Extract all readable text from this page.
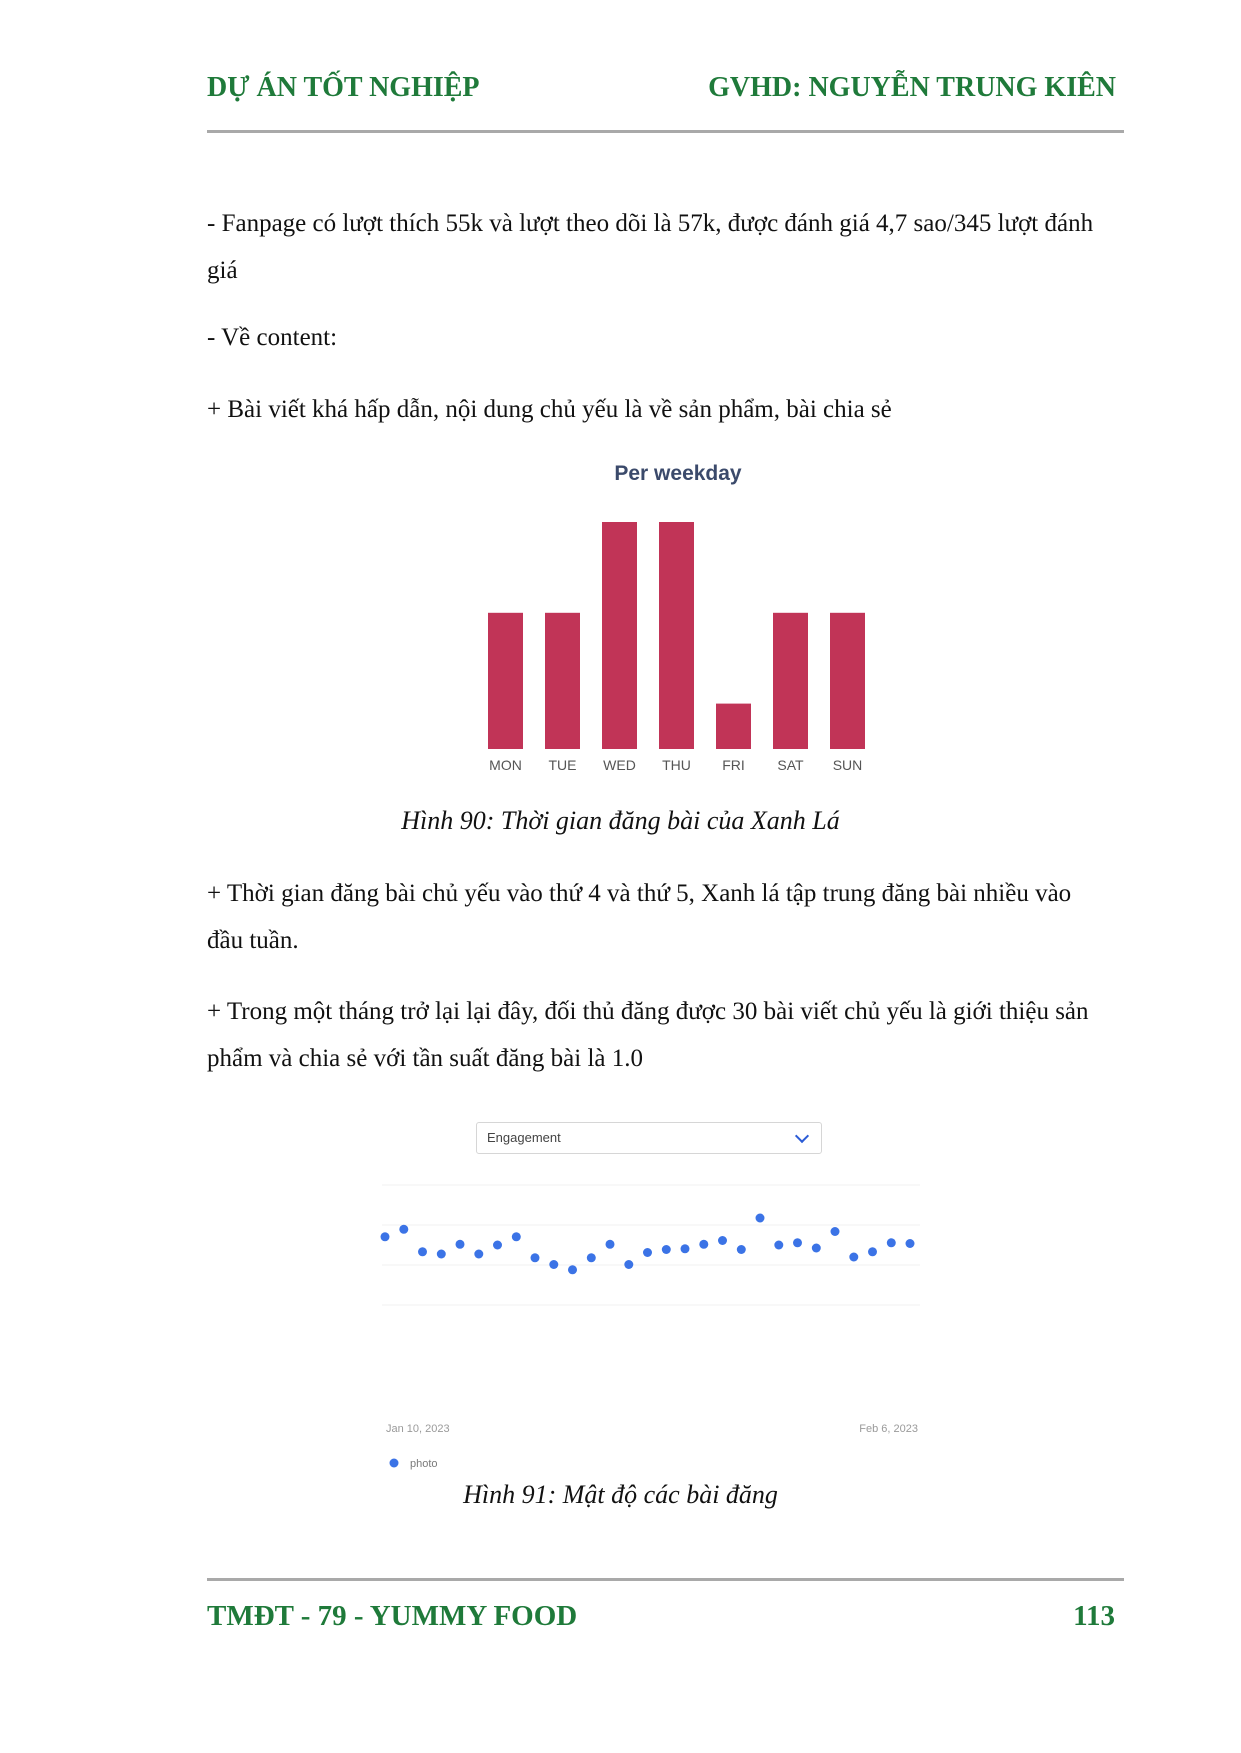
DỰ ÁN TỐT NGHIỆP	GVHD: NGUYỄN TRUNG KIÊN
- Fanpage có lượt thích 55k và lượt theo dõi là 57k, được đánh giá 4,7 sao/345 lượt đánh giá
- Về content:
+ Bài viết khá hấp dẫn, nội dung chủ yếu là về sản phẩm, bài chia sẻ
Per weekday
MON TUE WED THU FRI SAT SUN
Hình 90: Thời gian đăng bài của Xanh Lá
+ Thời gian đăng bài chủ yếu vào thứ 4 và thứ 5, Xanh lá tập trung đăng bài nhiều vào đầu tuần.
+ Trong một tháng trở lại lại đây, đối thủ đăng được 30 bài viết chủ yếu là giới thiệu sản phẩm và chia sẻ với tần suất đăng bài là 1.0
Engagement
Jan 10, 2023	Feb 6, 2023
photo
Hình 91: Mật độ các bài đăng
TMĐT - 79 - YUMMY FOOD	113
